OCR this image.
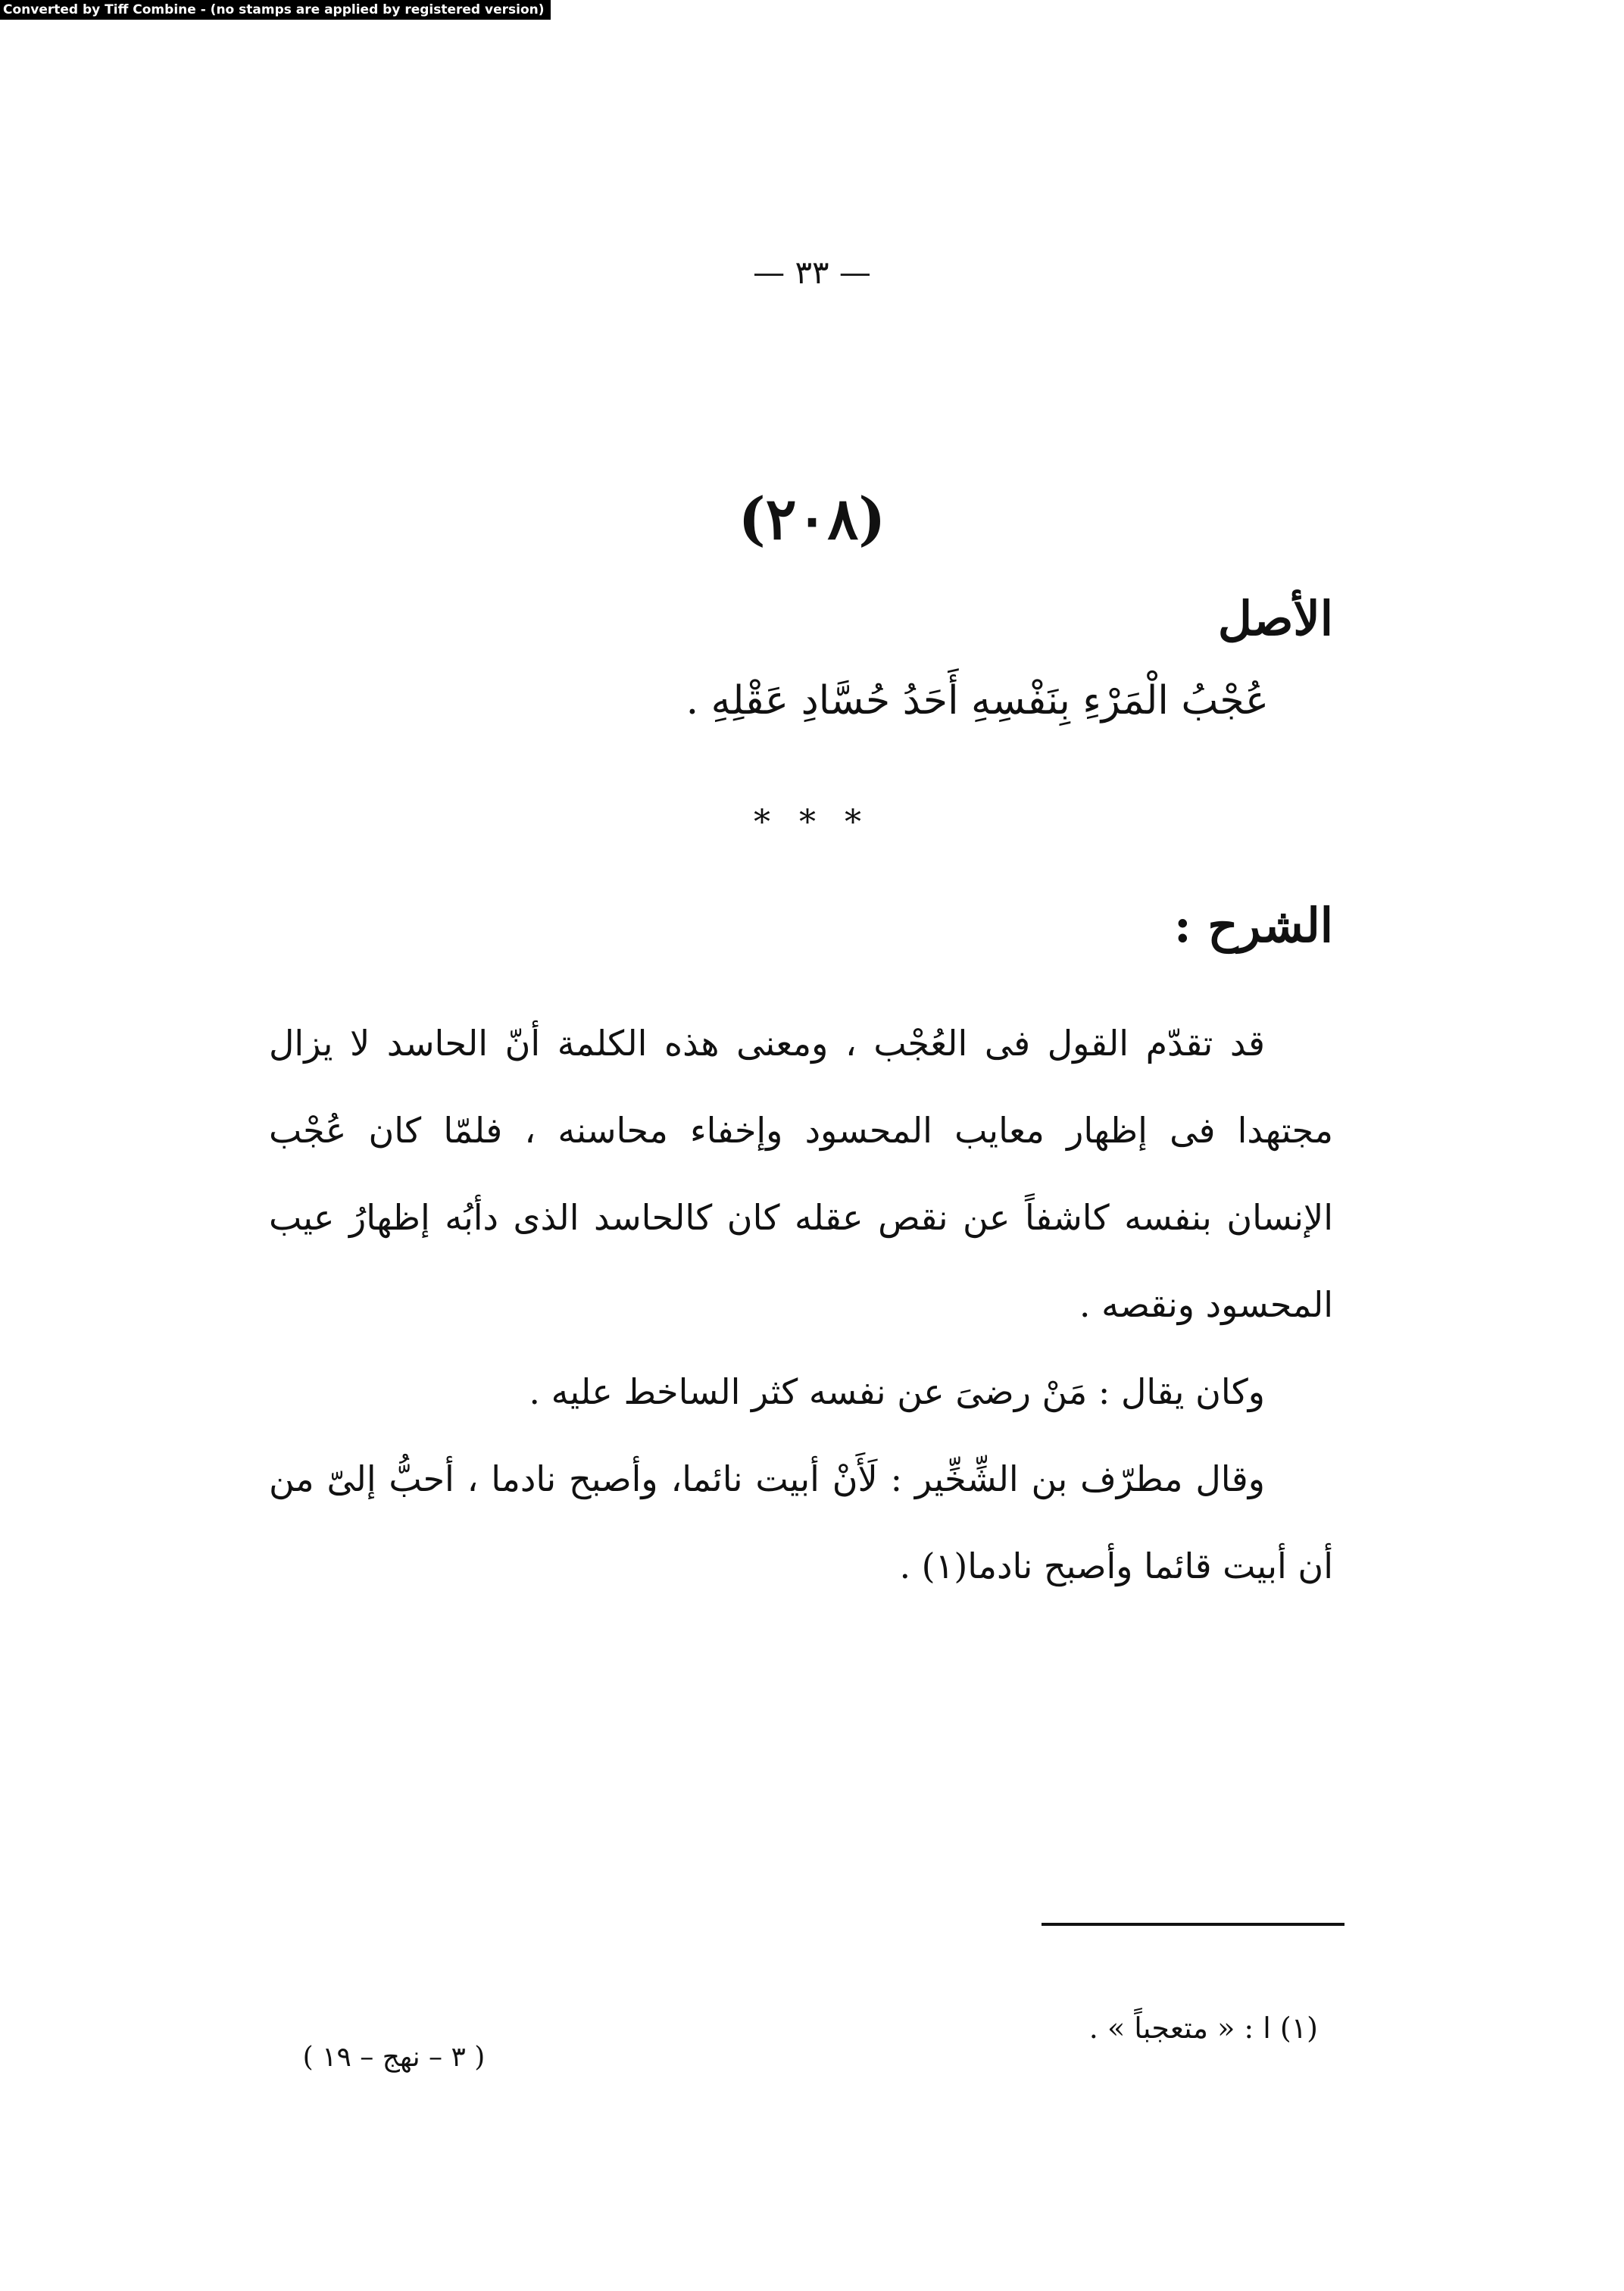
Converted by Tiff Combine - (no stamps are applied by registered version)
— ٣٣ —
(٢٠٨)
الأصل
عُجْبُ الْمَرْءِ بِنَفْسِهِ أَحَدُ حُسَّادِ عَقْلِهِ .
* * *
الشرح :

قد تقدّم القول فى العُجْب ، ومعنى هذه الكلمة أنّ الحاسد لا يزال مجتهدا فى إظهار معايب المحسود وإخفاء محاسنه ، فلمّا كان عُجْب الإنسان بنفسه كاشفاً عن نقص عقله كان كالحاسد الذى دأبُه إظهارُ عيب المحسود ونقصه .

وكان يقال : مَنْ رضىَ عن نفسه كثر الساخط عليه .

وقال مطرّف بن الشِّخِّير : لَأَنْ أبيت نائما، وأصبح نادما ، أحبُّ إلىّ من أن أبيت قائما وأصبح نادما(١) .

(١) ا : « متعجباً » .
( ٣ – نهج – ١٩ )
